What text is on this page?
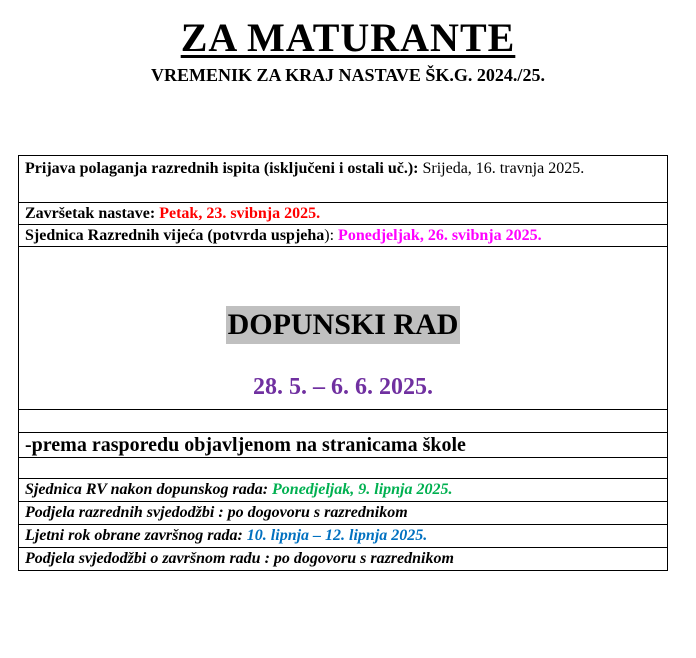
ZA MATURANTE
VREMENIK ZA KRAJ NASTAVE ŠK.G. 2024./25.
Prijava polaganja razrednih ispita (isključeni i ostali uč.): Srijeda, 16. travnja 2025.
Završetak nastave: Petak, 23. svibnja 2025.
Sjednica Razrednih vijeća (potvrda uspjeha): Ponedjeljak, 26. svibnja 2025.
DOPUNSKI RAD
28. 5. – 6. 6. 2025.

-prema rasporedu objavljenom na stranicama škole

Sjednica RV nakon dopunskog rada: Ponedjeljak, 9. lipnja 2025.
Podjela razrednih svjedodžbi : po dogovoru s razrednikom
Ljetni rok obrane završnog rada: 10. lipnja – 12. lipnja 2025.
Podjela svjedodžbi o završnom radu : po dogovoru s razrednikom
